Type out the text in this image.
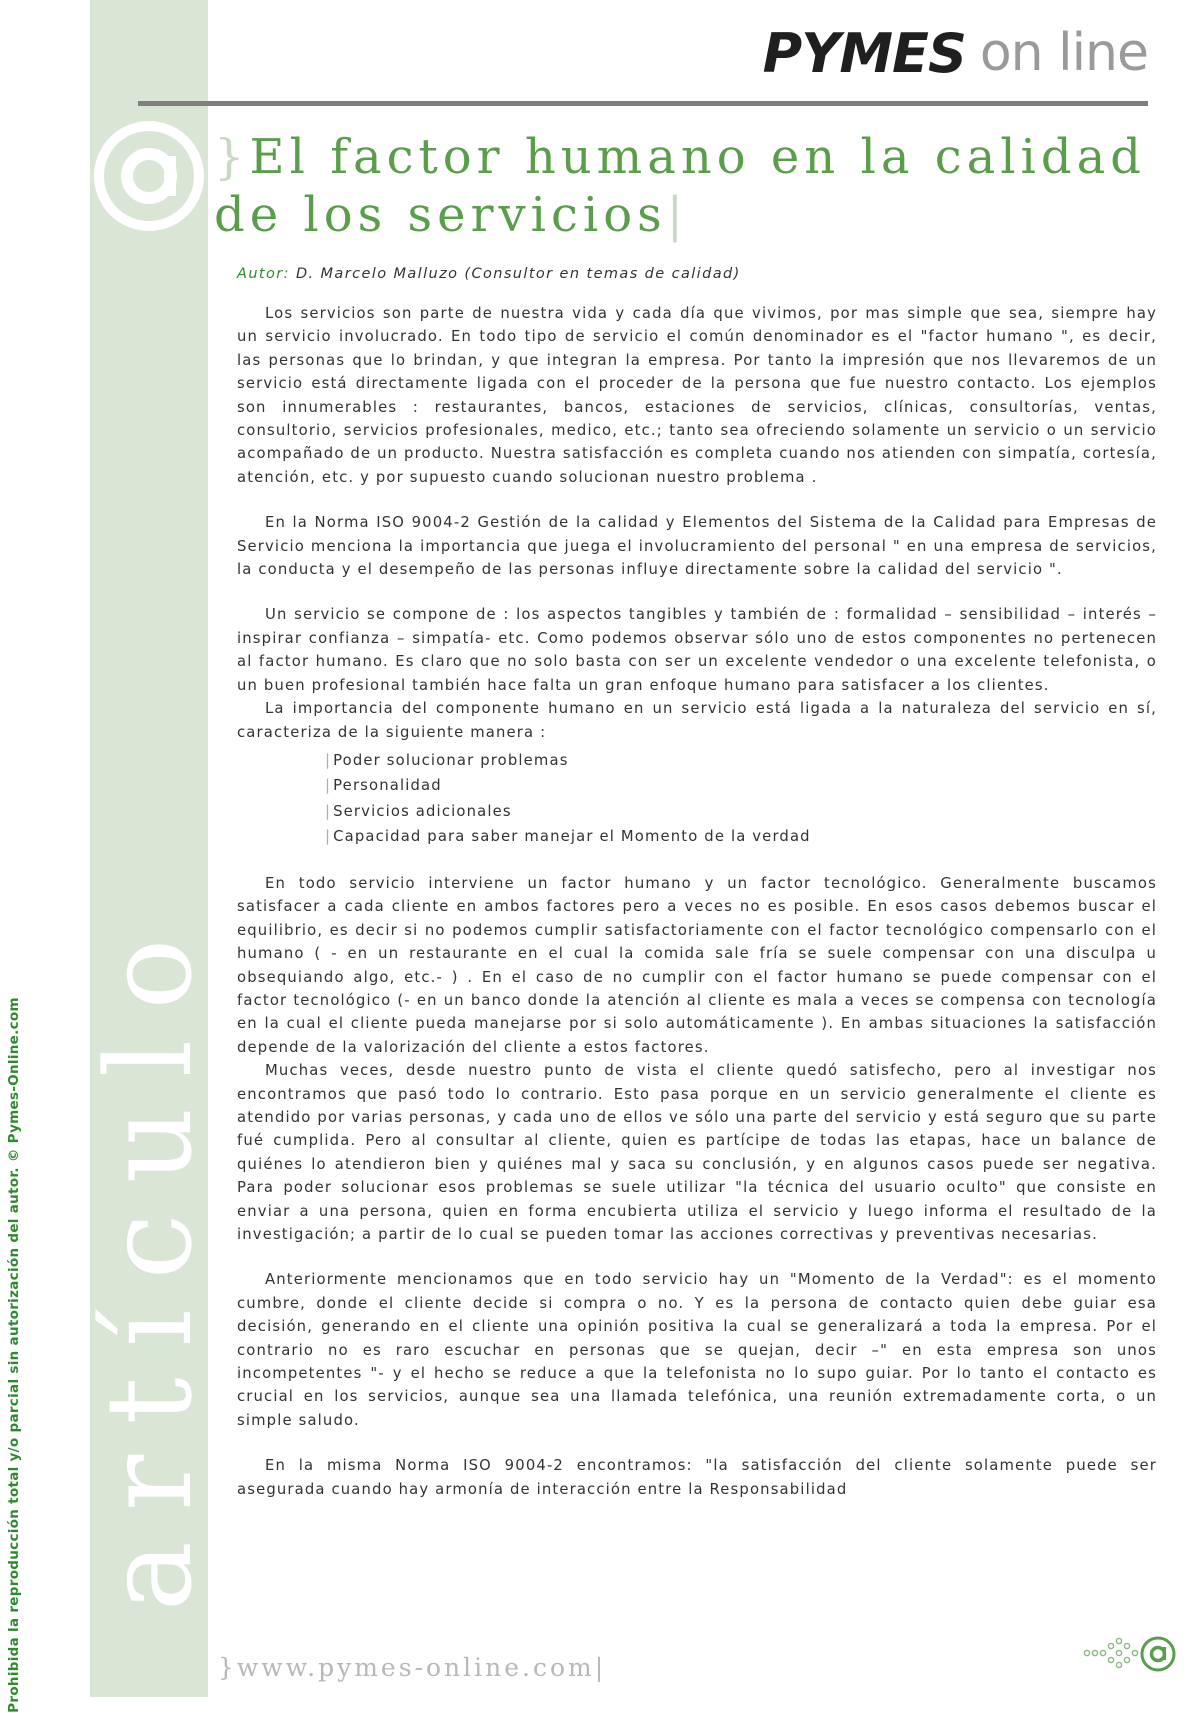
artículo
Prohibida la reproducción total y/o parcial sin autorización del autor. © Pymes-Online.com
PYMES on line
}El factor humano en la calidad de los servicios|
Autor: D. Marcelo Malluzo (Consultor en temas de calidad)

Los servicios son parte de nuestra vida y cada día que vivimos, por mas simple que sea, siempre hay un servicio involucrado. En todo tipo de servicio el común denominador es el "factor humano ", es decir, las personas que lo brindan, y que integran la empresa. Por tanto la impresión que nos llevaremos de un servicio está directamente ligada con el proceder de la persona que fue nuestro contacto. Los ejemplos son innumerables : restaurantes, bancos, estaciones de servicios, clínicas, consultorías, ventas, consultorio, servicios profesionales, medico, etc.; tanto sea ofreciendo solamente un servicio o un servicio acompañado de un producto. Nuestra satisfacción es completa cuando nos atienden con simpatía, cortesía, atención, etc. y por supuesto cuando solucionan nuestro problema .

En la Norma ISO 9004-2 Gestión de la calidad y Elementos del Sistema de la Calidad para Empresas de Servicio menciona la importancia que juega el involucramiento del personal " en una empresa de servicios, la conducta y el desempeño de las personas influye directamente sobre la calidad del servicio ".

Un servicio se compone de : los aspectos tangibles y también de : formalidad – sensibilidad – interés – inspirar confianza – simpatía- etc. Como podemos observar sólo uno de estos componentes no pertenecen al factor humano. Es claro que no solo basta con ser un excelente vendedor o una excelente telefonista, o un buen profesional también hace falta un gran enfoque humano para satisfacer a los clientes.

La importancia del componente humano en un servicio está ligada a la naturaleza del servicio en sí, caracteriza de la siguiente manera :

| Poder solucionar problemas
| Personalidad
| Servicios adicionales
| Capacidad para saber manejar el Momento de la verdad

En todo servicio interviene un factor humano y un factor tecnológico. Generalmente buscamos satisfacer a cada cliente en ambos factores pero a veces no es posible. En esos casos debemos buscar el equilibrio, es decir si no podemos cumplir satisfactoriamente con el factor tecnológico compensarlo con el humano ( - en un restaurante en el cual la comida sale fría se suele compensar con una disculpa u obsequiando algo, etc.- ) . En el caso de no cumplir con el factor humano se puede compensar con el factor tecnológico (- en un banco donde la atención al cliente es mala a veces se compensa con tecnología en la cual el cliente pueda manejarse por si solo automáticamente ). En ambas situaciones la satisfacción depende de la valorización del cliente a estos factores.

Muchas veces, desde nuestro punto de vista el cliente quedó satisfecho, pero al investigar nos encontramos que pasó todo lo contrario. Esto pasa porque en un servicio generalmente el cliente es atendido por varias personas, y cada uno de ellos ve sólo una parte del servicio y está seguro que su parte fué cumplida. Pero al consultar al cliente, quien es partícipe de todas las etapas, hace un balance de quiénes lo atendieron bien y quiénes mal y saca su conclusión, y en algunos casos puede ser negativa. Para poder solucionar esos problemas se suele utilizar "la técnica del usuario oculto" que consiste en enviar a una persona, quien en forma encubierta utiliza el servicio y luego informa el resultado de la investigación; a partir de lo cual se pueden tomar las acciones correctivas y preventivas necesarias.

Anteriormente mencionamos que en todo servicio hay un "Momento de la Verdad": es el momento cumbre, donde el cliente decide si compra o no. Y es la persona de contacto quien debe guiar esa decisión, generando en el cliente una opinión positiva la cual se generalizará a toda la empresa. Por el contrario no es raro escuchar en personas que se quejan, decir –" en esta empresa son unos incompetentes "- y el hecho se reduce a que la telefonista no lo supo guiar. Por lo tanto el contacto es crucial en los servicios, aunque sea una llamada telefónica, una reunión extremadamente corta, o un simple saludo.

En la misma Norma ISO 9004-2 encontramos: "la satisfacción del cliente solamente puede ser asegurada cuando hay armonía de interacción entre la Responsabilidad

}www.pymes-online.com|
